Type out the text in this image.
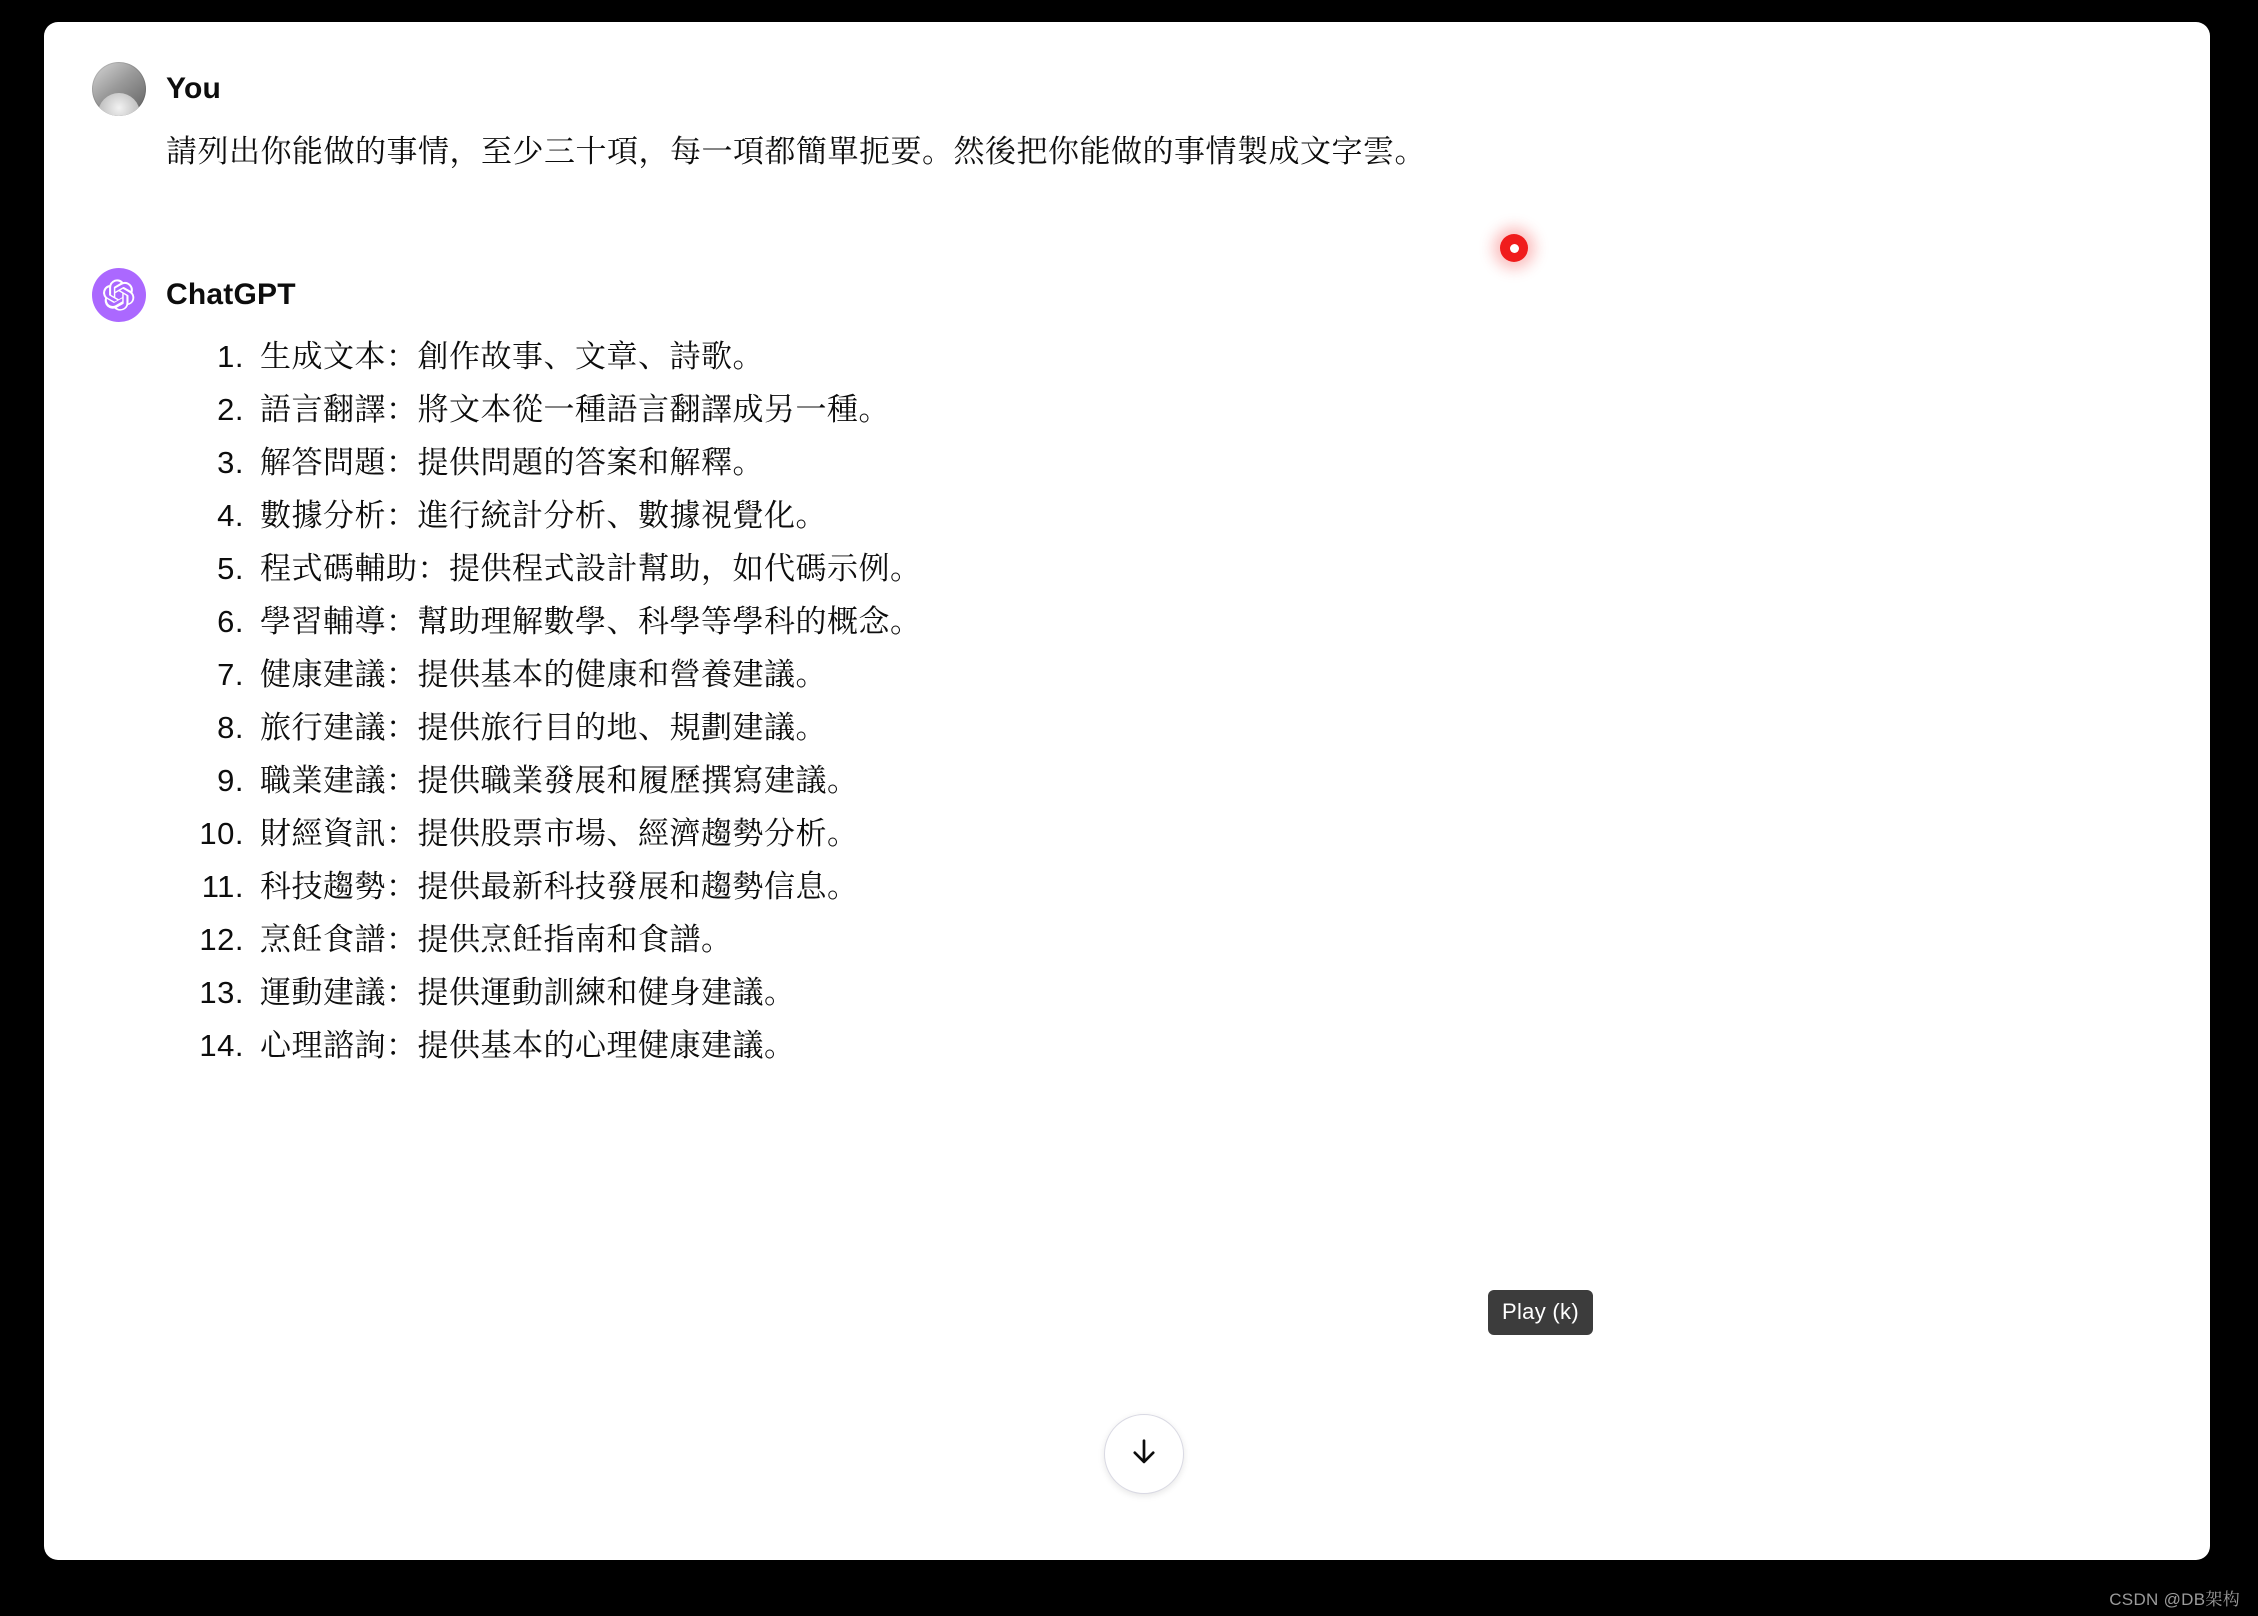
You
請列出你能做的事情，至少三十項，每一項都簡單扼要。然後把你能做的事情製成文字雲。
ChatGPT
1. 生成文本：創作故事、文章、詩歌。
2. 語言翻譯：將文本從一種語言翻譯成另一種。
3. 解答問題：提供問題的答案和解釋。
4. 數據分析：進行統計分析、數據視覺化。
5. 程式碼輔助：提供程式設計幫助，如代碼示例。
6. 學習輔導：幫助理解數學、科學等學科的概念。
7. 健康建議：提供基本的健康和營養建議。
8. 旅行建議：提供旅行目的地、規劃建議。
9. 職業建議：提供職業發展和履歷撰寫建議。
10. 財經資訊：提供股票市場、經濟趨勢分析。
11. 科技趨勢：提供最新科技發展和趨勢信息。
12. 烹飪食譜：提供烹飪指南和食譜。
13. 運動建議：提供運動訓練和健身建議。
14. 心理諮詢：提供基本的心理健康建議。
Play (k)
CSDN @DB架构
